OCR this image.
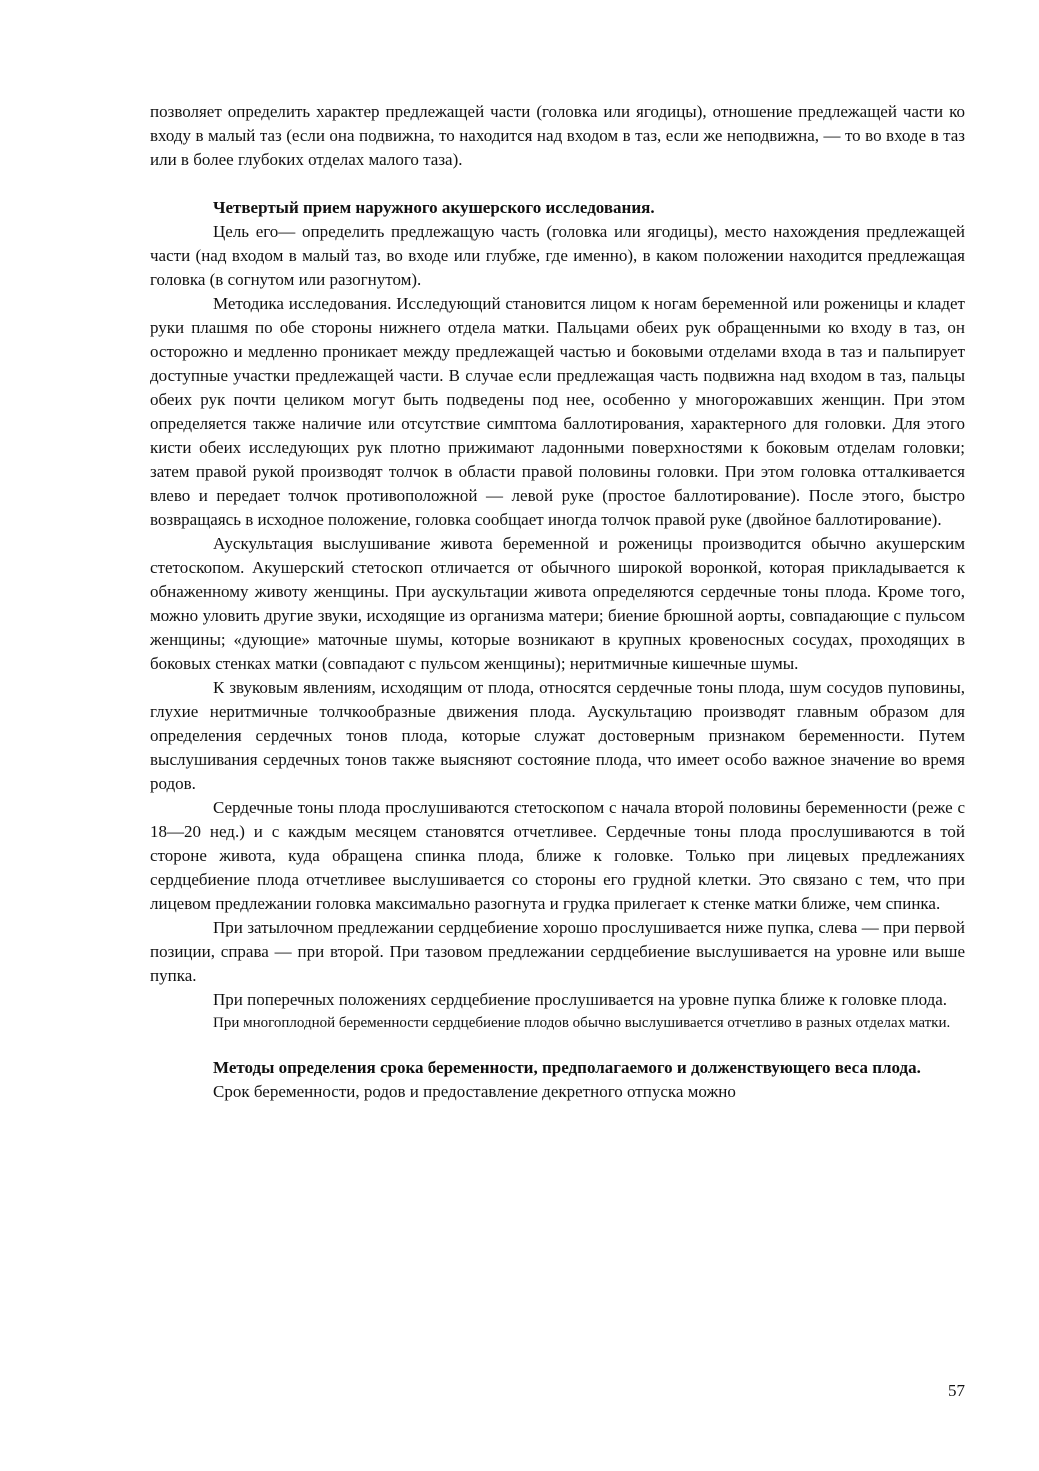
позволяет определить характер предлежащей части (головка или ягодицы), отношение предлежащей части ко входу в малый таз (если она подвижна, то находится над входом в таз, если же неподвижна, — то во входе в таз или в более глубоких отделах малого таза).

Четвертый прием наружного акушерского исследования.

Цель его— определить предлежащую часть (головка или ягодицы), место нахождения предлежащей части (над входом в малый таз, во входе или глубже, где именно), в каком положении находится предлежащая головка (в согнутом или разогнутом).

Методика исследования. Исследующий становится лицом к ногам беременной или роженицы и кладет руки плашмя по обе стороны нижнего отдела матки. Пальцами обеих рук обращенными ко входу в таз, он осторожно и медленно проникает между предлежащей частью и боковыми отделами входа в таз и пальпирует доступные участки предлежащей части. В случае если предлежащая часть подвижна над входом в таз, пальцы обеих рук почти целиком могут быть подведены под нее, особенно у многорожавших женщин. При этом определяется также наличие или отсутствие симптома баллотирования, характерного для головки. Для этого кисти обеих исследующих рук плотно прижимают ладонными поверхностями к боковым отделам головки; затем правой рукой производят толчок в области правой половины головки. При этом головка отталкивается влево и передает толчок противоположной — левой руке (простое баллотирование). После этого, быстро возвращаясь в исходное положение, головка сообщает иногда толчок правой руке (двойное баллотирование).

Аускультация выслушивание живота беременной и роженицы производится обычно акушерским стетоскопом. Акушерский стетоскоп отличается от обычного широкой воронкой, которая прикладывается к обнаженному животу женщины. При аускультации живота определяются сердечные тоны плода. Кроме того, можно уловить другие звуки, исходящие из организма матери; биение брюшной аорты, совпадающие с пульсом женщины; «дующие» маточные шумы, которые возникают в крупных кровеносных сосудах, проходящих в боковых стенках матки (совпадают с пульсом женщины); неритмичные кишечные шумы.

К звуковым явлениям, исходящим от плода, относятся сердечные тоны плода, шум сосудов пуповины, глухие неритмичные толчкообразные движения плода. Аускультацию производят главным образом для определения сердечных тонов плода, которые служат достоверным признаком беременности. Путем выслушивания сердечных тонов также выясняют состояние плода, что имеет особо важное значение во время родов.

Сердечные тоны плода прослушиваются стетоскопом с начала второй половины беременности (реже с 18—20 нед.) и с каждым месяцем становятся отчетливее. Сердечные тоны плода прослушиваются в той стороне живота, куда обращена спинка плода, ближе к головке. Только при лицевых предлежаниях сердцебиение плода отчетливее выслушивается со стороны его грудной клетки. Это связано с тем, что при лицевом предлежании головка максимально разогнута и грудка прилегает к стенке матки ближе, чем спинка.

При затылочном предлежании сердцебиение хорошо прослушивается ниже пупка, слева — при первой позиции, справа — при второй. При тазовом предлежании сердцебиение выслушивается на уровне или выше пупка.

При поперечных положениях сердцебиение прослушивается на уровне пупка ближе к головке плода.

При многоплодной беременности сердцебиение плодов обычно выслушивается отчетливо в разных отделах матки.

Методы определения срока беременности, предполагаемого и долженствующего веса плода.

Срок беременности, родов и предоставление декретного отпуска можно

57
